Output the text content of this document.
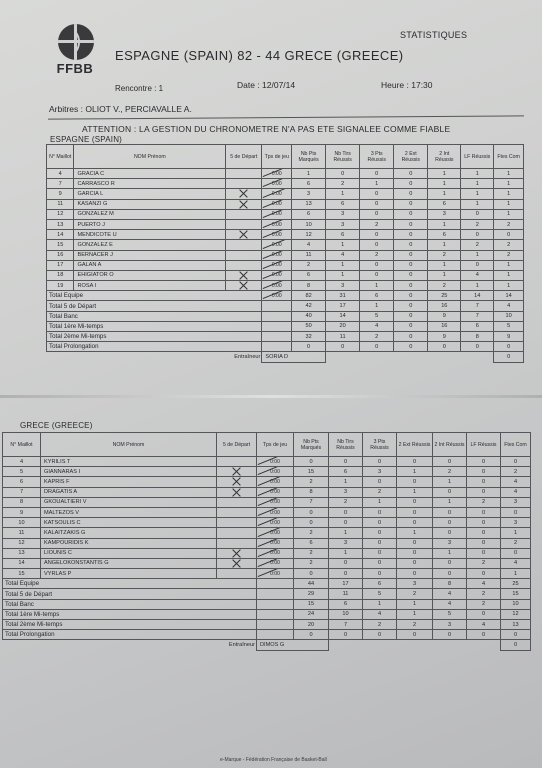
FFBB
STATISTIQUES
ESPAGNE (SPAIN) 82 - 44 GRECE (GREECE)
Rencontre : 1	Date : 12/07/14	Heure : 17:30
Arbitres : OLIOT V., PERCIAVALLE A.
ATTENTION : LA GESTION DU CHRONOMETRE N'A PAS ETE SIGNALEE COMME FIABLE
ESPAGNE (SPAIN)
N° Maillot	NOM Prénom	5 de Départ	Tps de jeu	Nb Pts Marqués	Nb Tirs Réussis	3 Pts Réussis	2 Ext Réussis	2 Int Réussis	LF Réussis	Ftes Com
4	GRACIA C		0:00	1	0	0	0	1	1	1
7	CARRASCO R		0:00	6	2	1	0	1	1	1
9	GARCIA L		0:00	3	1	0	0	1	1	1
11	KASANZI G		0:00	13	6	0	0	6	1	1
12	GONZALEZ M		0:00	6	3	0	0	3	0	1
13	PUERTO J		0:00	10	3	2	0	1	2	2
14	MENDICOTE U		0:00	12	6	0	0	6	0	0
15	GONZALEZ E		0:00	4	1	0	0	1	2	2
16	BERNACER J		0:00	11	4	2	0	2	1	2
17	GALAN A		0:00	2	1	0	0	1	0	1
18	EHIGIATOR O		0:00	6	1	0	0	1	4	1
19	ROSA I		0:00	8	3	1	0	2	1	1
Total Equipe			0:00	82	31	6	0	25	14	14
Total 5 de Départ				42	17	1	0	16	7	4
Total Banc				40	14	5	0	9	7	10
Total 1ère Mi-temps				50	20	4	0	16	6	5
Total 2ème Mi-temps				32	11	2	0	9	8	9
Total Prolongation				0	0	0	0	0	0	0
Entraîneur			SORIA D							0
GRECE (GREECE)
N° Maillot	NOM Prénom	5 de Départ	Tps de jeu	Nb Pts Marqués	Nb Tirs Réussis	3 Pts Réussis	2 Ext Réussis	2 Int Réussis	LF Réussis	Ftes Com
4	KYRILIS T		0:00	0	0	0	0	0	0	0
5	GIANNARAS I		0:00	15	6	3	1	2	0	2
6	KAPRIS F		0:00	2	1	0	0	1	0	4
7	DRAGATIS A		0:00	8	3	2	1	0	0	4
8	GKOUALTIERI V		0:00	7	2	1	0	1	2	3
9	MALTEZOS V		0:00	0	0	0	0	0	0	0
10	KATSOULIS C		0:00	0	0	0	0	0	0	3
11	KALAITZAKIS G		0:00	2	1	0	1	0	0	1
12	KAMPOURIDIS K		0:00	6	3	0	0	3	0	2
13	LIOUNIS C		0:00	2	1	0	0	1	0	0
14	ANGELOKONSTANTIS G		0:00	2	0	0	0	0	2	4
15	VYRLAS P		0:00	0	0	0	0	0	0	1
Total Equipe				44	17	6	3	8	4	25
Total 5 de Départ				29	11	5	2	4	2	15
Total Banc				15	6	1	1	4	2	10
Total 1ère Mi-temps				24	10	4	1	5	0	12
Total 2ème Mi-temps				20	7	2	2	3	4	13
Total Prolongation				0	0	0	0	0	0	0
Entraîneur			DIMOS G							0
e-Marque - Fédération Française de Basket-Ball
